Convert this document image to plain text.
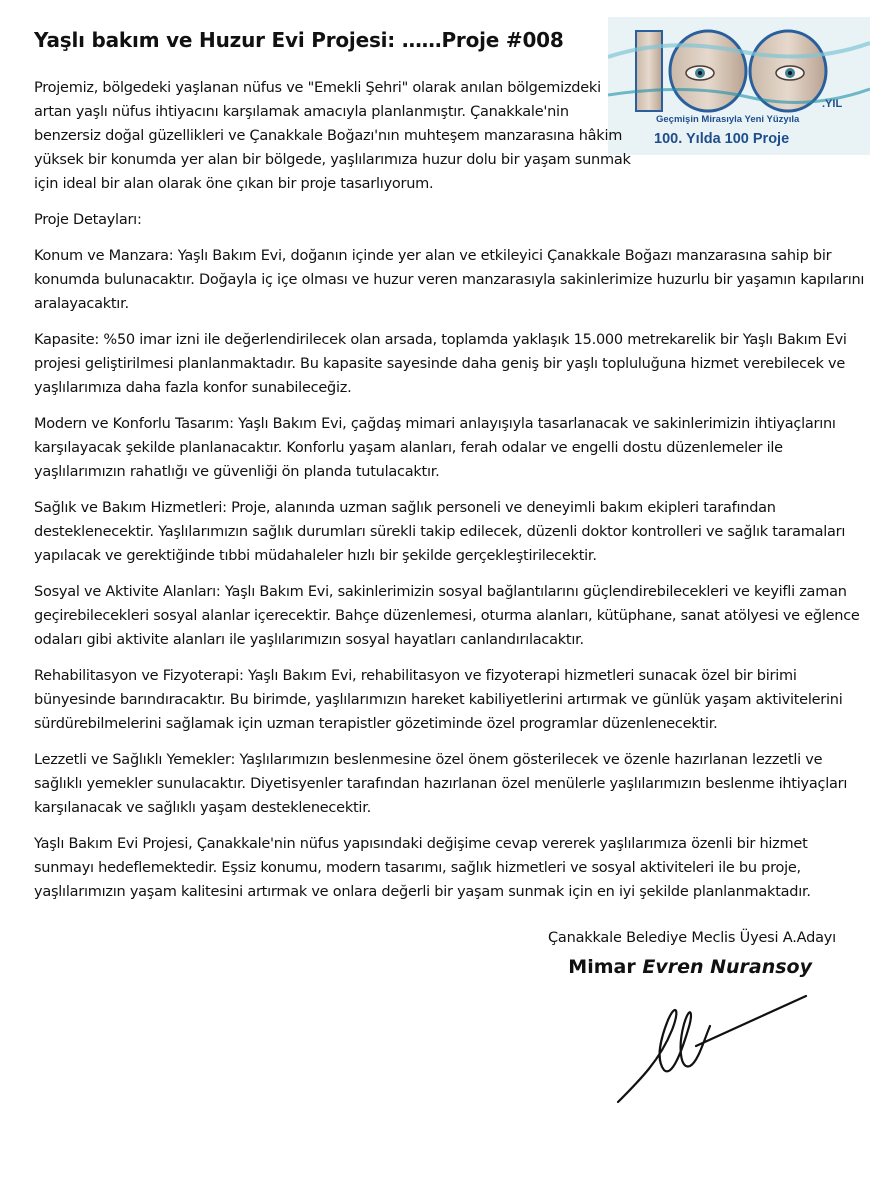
Yaşlı bakım ve Huzur Evi Projesi: ……Proje #008
.YIL
Geçmişin Mirasıyla Yeni Yüzyıla
100. Yılda 100 Proje

Projemiz, bölgedeki yaşlanan nüfus ve "Emekli Şehri" olarak anılan bölgemizdeki artan yaşlı nüfus ihtiyacını karşılamak amacıyla planlanmıştır. Çanakkale'nin benzersiz doğal güzellikleri ve Çanakkale Boğazı'nın muhteşem manzarasına hâkim yüksek bir konumda yer alan bir bölgede, yaşlılarımıza huzur dolu bir yaşam sunmak için ideal bir alan olarak öne çıkan bir proje tasarlıyorum.

Proje Detayları:

Konum ve Manzara: Yaşlı Bakım Evi, doğanın içinde yer alan ve etkileyici Çanakkale Boğazı manzarasına sahip bir konumda bulunacaktır. Doğayla iç içe olması ve huzur veren manzarasıyla sakinlerimize huzurlu bir yaşamın kapılarını aralayacaktır.

Kapasite: %50 imar izni ile değerlendirilecek olan arsada, toplamda yaklaşık 15.000 metrekarelik bir Yaşlı Bakım Evi projesi geliştirilmesi planlanmaktadır. Bu kapasite sayesinde daha geniş bir yaşlı topluluğuna hizmet verebilecek ve yaşlılarımıza daha fazla konfor sunabileceğiz.

Modern ve Konforlu Tasarım: Yaşlı Bakım Evi, çağdaş mimari anlayışıyla tasarlanacak ve sakinlerimizin ihtiyaçlarını karşılayacak şekilde planlanacaktır. Konforlu yaşam alanları, ferah odalar ve engelli dostu düzenlemeler ile yaşlılarımızın rahatlığı ve güvenliği ön planda tutulacaktır.

Sağlık ve Bakım Hizmetleri: Proje, alanında uzman sağlık personeli ve deneyimli bakım ekipleri tarafından desteklenecektir. Yaşlılarımızın sağlık durumları sürekli takip edilecek, düzenli doktor kontrolleri ve sağlık taramaları yapılacak ve gerektiğinde tıbbi müdahaleler hızlı bir şekilde gerçekleştirilecektir.

Sosyal ve Aktivite Alanları: Yaşlı Bakım Evi, sakinlerimizin sosyal bağlantılarını güçlendirebilecekleri ve keyifli zaman geçirebilecekleri sosyal alanlar içerecektir. Bahçe düzenlemesi, oturma alanları, kütüphane, sanat atölyesi ve eğlence odaları gibi aktivite alanları ile yaşlılarımızın sosyal hayatları canlandırılacaktır.

Rehabilitasyon ve Fizyoterapi: Yaşlı Bakım Evi, rehabilitasyon ve fizyoterapi hizmetleri sunacak özel bir birimi bünyesinde barındıracaktır. Bu birimde, yaşlılarımızın hareket kabiliyetlerini artırmak ve günlük yaşam aktivitelerini sürdürebilmelerini sağlamak için uzman terapistler gözetiminde özel programlar düzenlenecektir.

Lezzetli ve Sağlıklı Yemekler: Yaşlılarımızın beslenmesine özel önem gösterilecek ve özenle hazırlanan lezzetli ve sağlıklı yemekler sunulacaktır. Diyetisyenler tarafından hazırlanan özel menülerle yaşlılarımızın beslenme ihtiyaçları karşılanacak ve sağlıklı yaşam desteklenecektir.

Yaşlı Bakım Evi Projesi, Çanakkale'nin nüfus yapısındaki değişime cevap vererek yaşlılarımıza özenli bir hizmet sunmayı hedeflemektedir. Eşsiz konumu, modern tasarımı, sağlık hizmetleri ve sosyal aktiviteleri ile bu proje, yaşlılarımızın yaşam kalitesini artırmak ve onlara değerli bir yaşam sunmak için en iyi şekilde planlanmaktadır.

Çanakkale Belediye Meclis Üyesi A.Adayı
Mimar Evren Nuransoy
